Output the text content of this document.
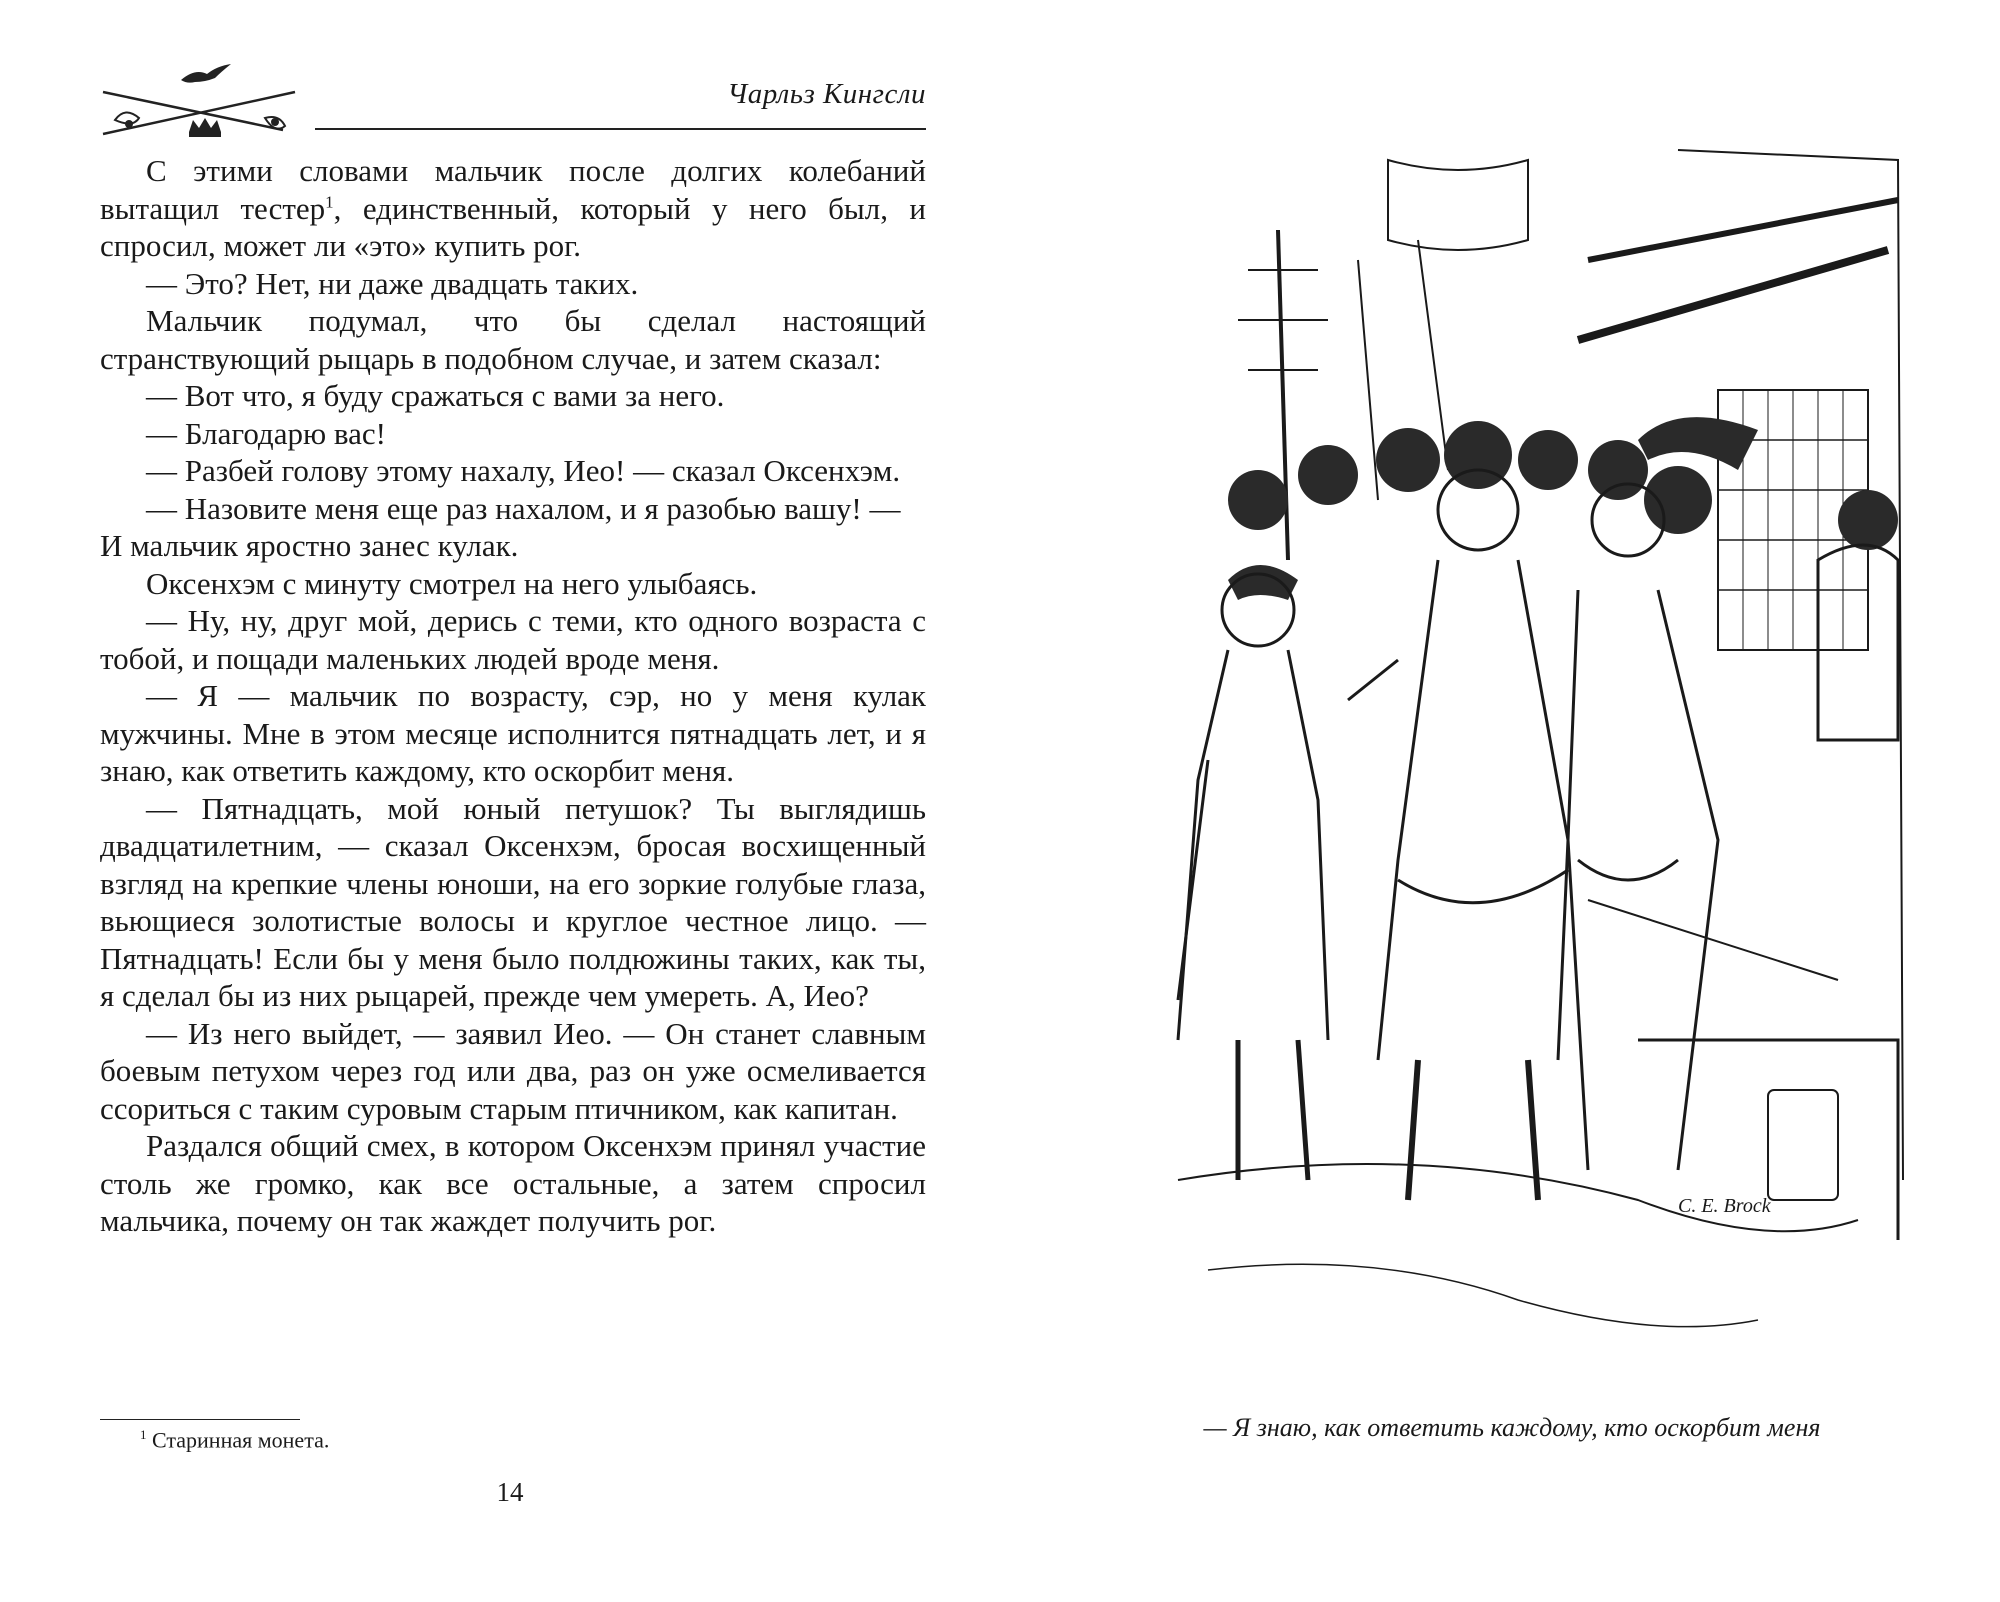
Чарльз Кингсли

С этими словами мальчик после долгих колебаний вытащил тестер$^1$, единственный, который у него был, и спросил, может ли «это» купить рог.

— Это? Нет, ни даже двадцать таких.

Мальчик подумал, что бы сделал настоящий странствующий рыцарь в подобном случае, и затем сказал:

— Вот что, я буду сражаться с вами за него.

— Благодарю вас!

— Разбей голову этому нахалу, Иео! — сказал Оксенхэм.

— Назовите меня еще раз нахалом, и я разобью вашу! —

И мальчик яростно занес кулак.

Оксенхэм с минуту смотрел на него улыбаясь.

— Ну, ну, друг мой, дерись с теми, кто одного возраста с тобой, и пощади маленьких людей вроде меня.

— Я — мальчик по возрасту, сэр, но у меня кулак мужчины. Мне в этом месяце исполнится пятнадцать лет, и я знаю, как ответить каждому, кто оскорбит меня.

— Пятнадцать, мой юный петушок? Ты выглядишь двадцатилетним, — сказал Оксенхэм, бросая восхищенный взгляд на крепкие члены юноши, на его зоркие голубые глаза, вьющиеся золотистые волосы и круглое честное лицо. — Пятнадцать! Если бы у меня было полдюжины таких, как ты, я сделал бы из них рыцарей, прежде чем умереть. А, Иео?

— Из него выйдет, — заявил Иео. — Он станет славным боевым петухом через год или два, раз он уже осмеливается ссориться с таким суровым старым птичником, как капитан.

Раздался общий смех, в котором Оксенхэм принял участие столь же громко, как все остальные, а затем спросил мальчика, почему он так жаждет получить рог.

$^1$ Старинная монета.
14
C. E. Brock
— Я знаю, как ответить каждому, кто оскорбит меня
